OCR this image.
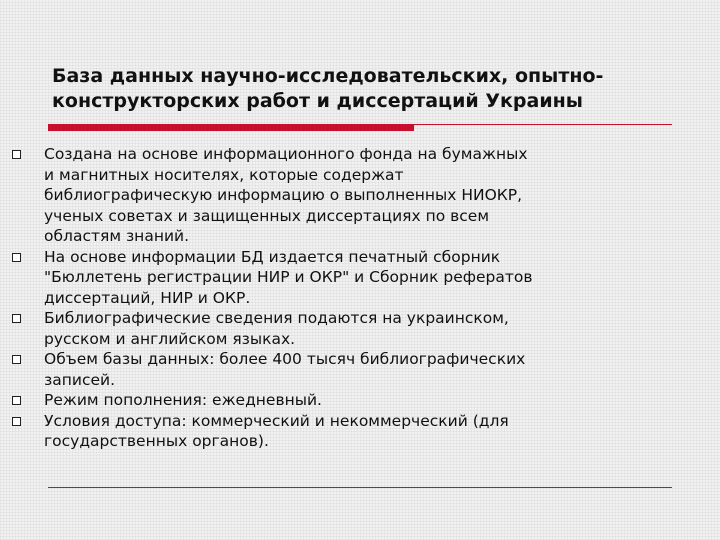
База данных научно-исследовательских, опытно-
конструкторских работ и диссертаций Украины
Создана на основе информационного фонда на бумажных
и магнитных носителях, которые содержат
библиографическую информацию о выполненных НИОКР,
ученых советах и защищенных диссертациях по всем
областям знаний.
На основе информации БД издается печатный сборник
"Бюллетень регистрации НИР и ОКР" и Сборник рефератов
диссертаций, НИР и ОКР.
Библиографические сведения подаются на украинском,
русском и английском языках.
Объем базы данных: более 400 тысяч библиографических
записей.
Режим пополнения: ежедневный.
Условия доступа: коммерческий и некоммерческий (для
государственных органов).
